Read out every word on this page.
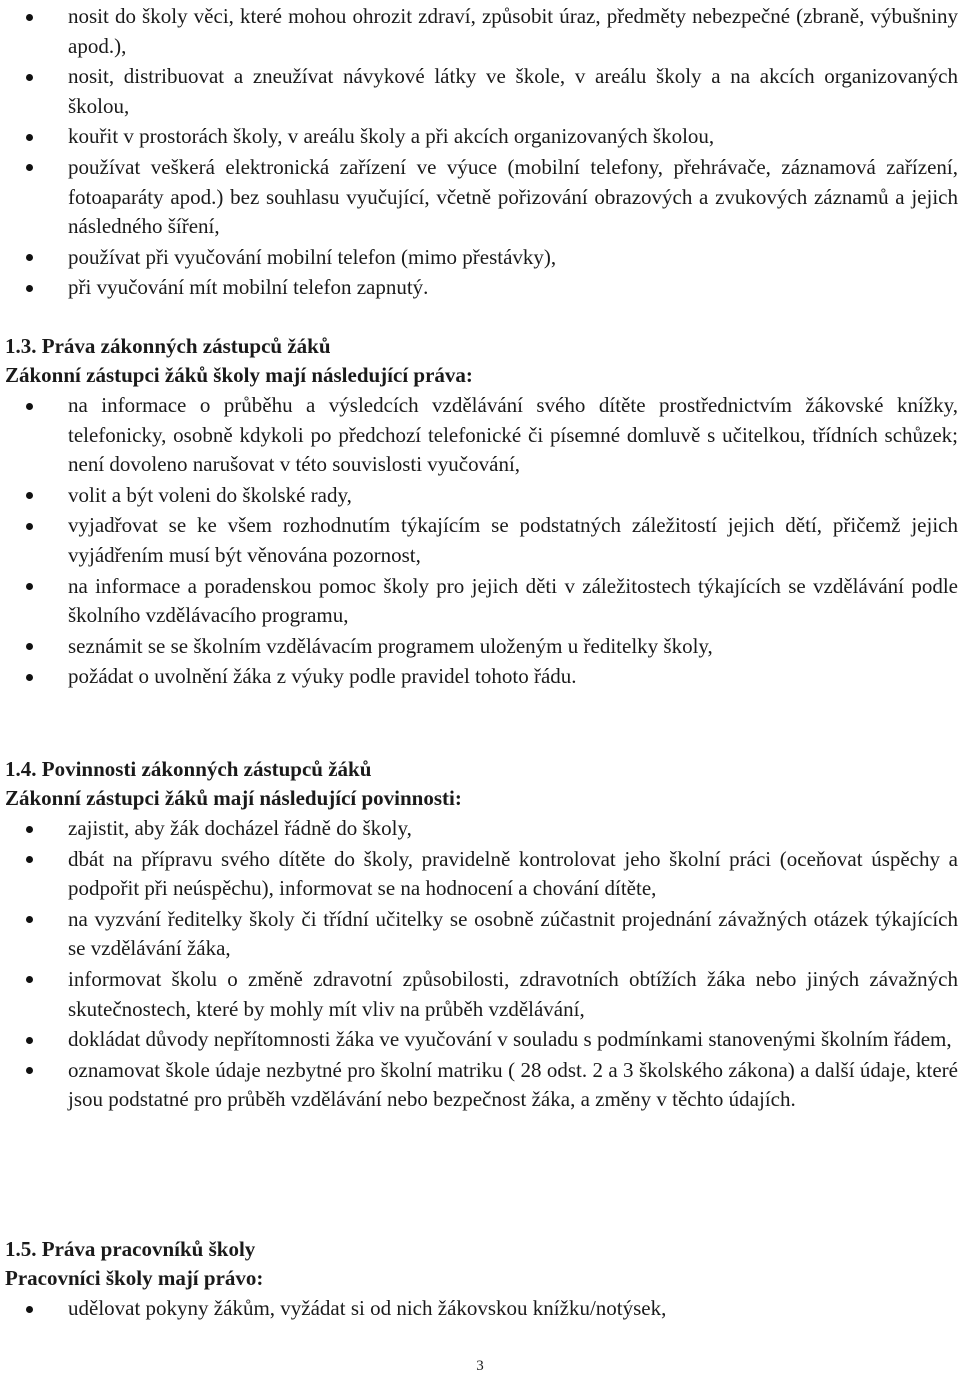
nosit do školy věci, které mohou ohrozit zdraví, způsobit úraz, předměty nebezpečné (zbraně, výbušniny apod.),
nosit, distribuovat a zneužívat návykové látky ve škole, v areálu školy a na akcích organizovaných školou,
kouřit v prostorách školy, v areálu školy a při akcích organizovaných školou,
používat veškerá elektronická zařízení ve výuce (mobilní telefony, přehrávače, záznamová zařízení, fotoaparáty apod.) bez souhlasu vyučující, včetně pořizování obrazových a zvukových záznamů a jejich následného šíření,
používat při vyučování mobilní telefon (mimo přestávky),
při vyučování mít mobilní telefon zapnutý.

1.3. Práva zákonných zástupců žáků

Zákonní zástupci žáků školy mají následující práva:

na informace o průběhu a výsledcích vzdělávání svého dítěte prostřednictvím žákovské knížky, telefonicky, osobně kdykoli po předchozí telefonické či písemné domluvě s učitelkou, třídních schůzek; není dovoleno narušovat v této souvislosti vyučování,
volit a být voleni do školské rady,
vyjadřovat se ke všem rozhodnutím týkajícím se podstatných záležitostí jejich dětí, přičemž jejich vyjádřením musí být věnována pozornost,
na informace a poradenskou pomoc školy pro jejich děti v záležitostech týkajících se vzdělávání podle školního vzdělávacího programu,
seznámit se se školním vzdělávacím programem uloženým u ředitelky školy,
požádat o uvolnění žáka z výuky podle pravidel tohoto řádu.

1.4. Povinnosti zákonných zástupců žáků

Zákonní zástupci žáků mají následující povinnosti:

zajistit, aby žák docházel řádně do školy,
dbát na přípravu svého dítěte do školy, pravidelně kontrolovat jeho školní práci (oceňovat úspěchy a podpořit při neúspěchu), informovat se na hodnocení a chování dítěte,
na vyzvání ředitelky školy či třídní učitelky se osobně zúčastnit projednání závažných otázek týkajících se vzdělávání žáka,
informovat školu o změně zdravotní způsobilosti, zdravotních obtížích žáka nebo jiných závažných skutečnostech, které by mohly mít vliv na průběh vzdělávání,
dokládat důvody nepřítomnosti žáka ve vyučování v souladu s podmínkami stanovenými školním řádem,
oznamovat škole údaje nezbytné pro školní matriku ( 28 odst. 2 a 3 školského zákona) a další údaje, které jsou podstatné pro průběh vzdělávání nebo bezpečnost žáka, a změny v těchto údajích.

1.5. Práva pracovníků školy

Pracovníci školy mají právo:

udělovat pokyny žákům, vyžádat si od nich žákovskou knížku/notýsek,
3
